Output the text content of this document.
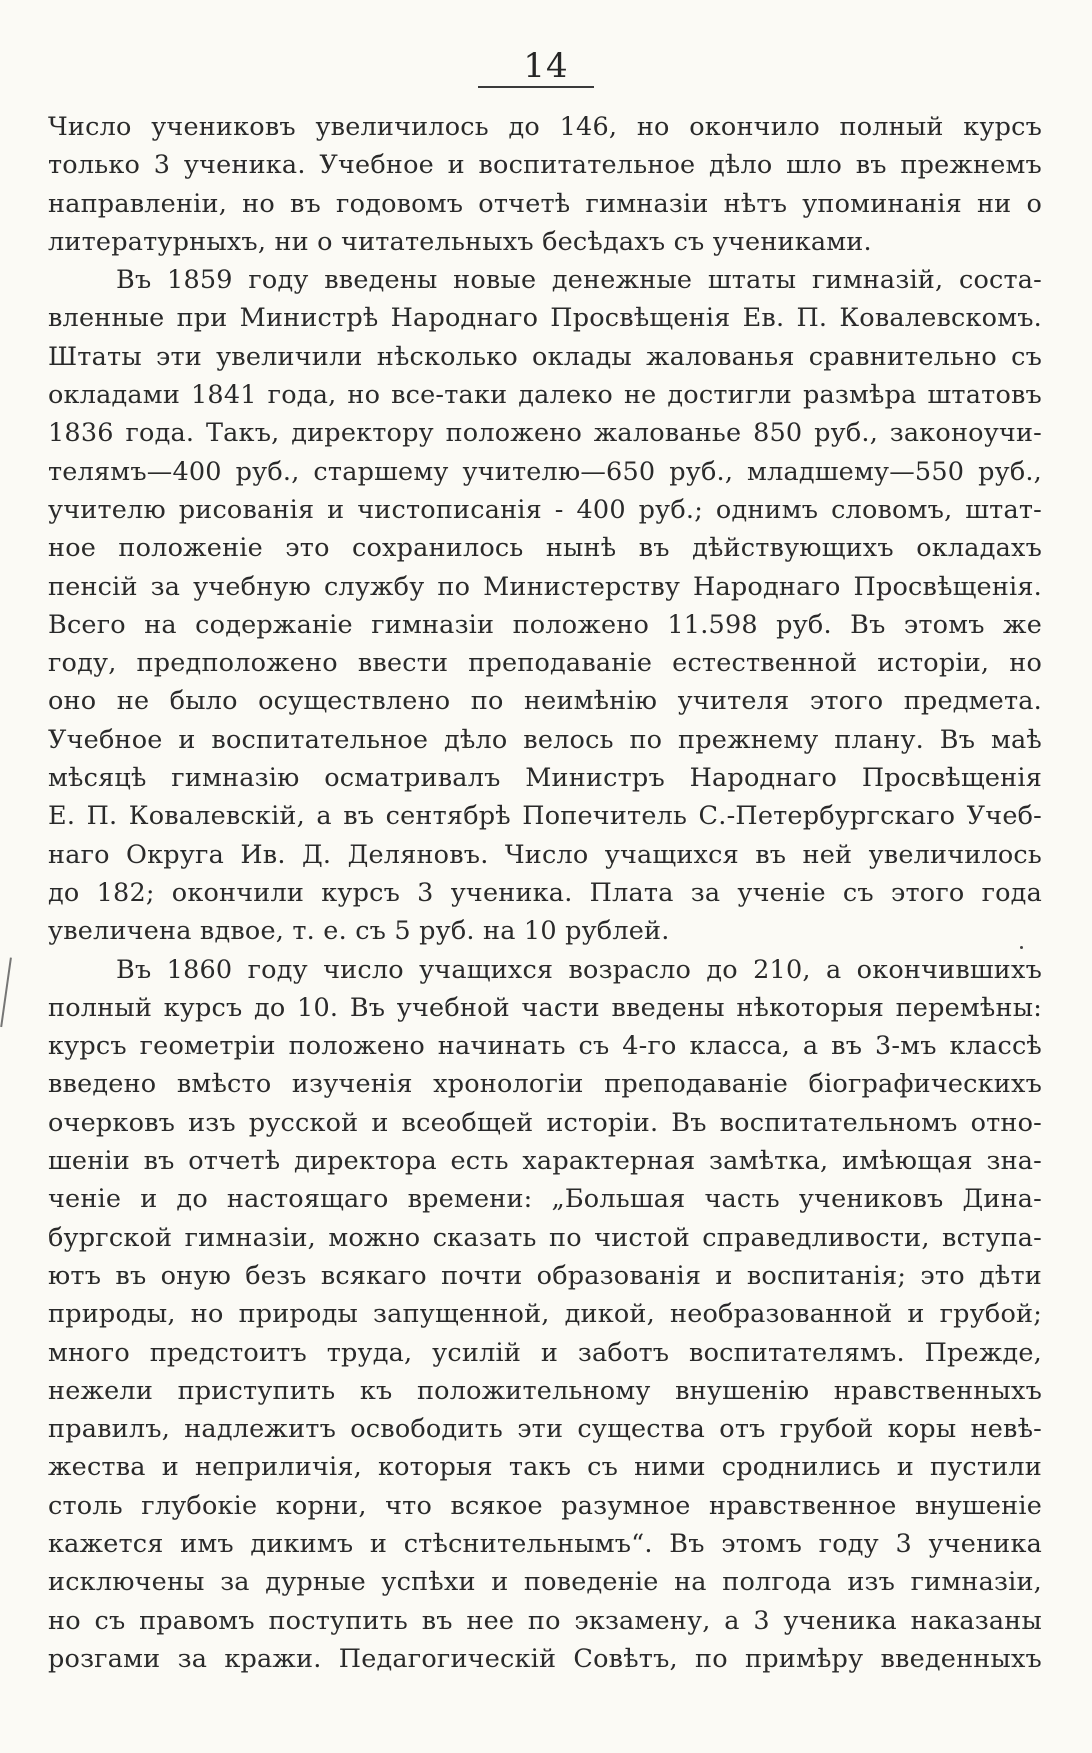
14
Число учениковъ увеличилось до 146, но окончило полный курсъ
только 3 ученика. Учебное и воспитательное дѣло шло въ прежнемъ
направленіи, но въ годовомъ отчетѣ гимназіи нѣтъ упоминанія ни о
литературныхъ, ни о читательныхъ бесѣдахъ съ учениками.
Въ 1859 году введены новые денежные штаты гимназій, соста-
вленные при Министрѣ Народнаго Просвѣщенія Ев. П. Ковалевскомъ.
Штаты эти увеличили нѣсколько оклады жалованья сравнительно съ
окладами 1841 года, но все-таки далеко не достигли размѣра штатовъ
1836 года. Такъ, директору положено жалованье 850 руб., законоучи-
телямъ—400 руб., старшему учителю—650 руб., младшему—550 руб.,
учителю рисованія и чистописанія - 400 руб.; однимъ словомъ, штат-
ное положеніе это сохранилось нынѣ въ дѣйствующихъ окладахъ
пенсій за учебную службу по Министерству Народнаго Просвѣщенія.
Всего на содержаніе гимназіи положено 11.598 руб. Въ этомъ же
году, предположено ввести преподаваніе естественной исторіи, но
оно не было осуществлено по неимѣнію учителя этого предмета.
Учебное и воспитательное дѣло велось по прежнему плану. Въ маѣ
мѣсяцѣ гимназію осматривалъ Министръ Народнаго Просвѣщенія
Е. П. Ковалевскій, а въ сентябрѣ Попечитель С.-Петербургскаго Учеб-
наго Округа Ив. Д. Деляновъ. Число учащихся въ ней увеличилось
до 182; окончили курсъ 3 ученика. Плата за ученіе съ этого года
увеличена вдвое, т. е. съ 5 руб. на 10 рублей.
Въ 1860 году число учащихся возрасло до 210, а окончившихъ
полный курсъ до 10. Въ учебной части введены нѣкоторыя перемѣны:
курсъ геометріи положено начинать съ 4-го класса, а въ 3-мъ классѣ
введено вмѣсто изученія хронологіи преподаваніе біографическихъ
очерковъ изъ русской и всеобщей исторіи. Въ воспитательномъ отно-
шеніи въ отчетѣ директора есть характерная замѣтка, имѣющая зна-
ченіе и до настоящаго времени: „Большая часть учениковъ Дина-
бургской гимназіи, можно сказать по чистой справедливости, вступа-
ютъ въ оную безъ всякаго почти образованія и воспитанія; это дѣти
природы, но природы запущенной, дикой, необразованной и грубой;
много предстоитъ труда, усилій и заботъ воспитателямъ. Прежде,
нежели приступить къ положительному внушенію нравственныхъ
правилъ, надлежитъ освободить эти существа отъ грубой коры невѣ-
жества и неприличія, которыя такъ съ ними сроднились и пустили
столь глубокіе корни, что всякое разумное нравственное внушеніе
кажется имъ дикимъ и стѣснительнымъ“. Въ этомъ году 3 ученика
исключены за дурные успѣхи и поведеніе на полгода изъ гимназіи,
но съ правомъ поступить въ нее по экзамену, а 3 ученика наказаны
розгами за кражи. Педагогическій Совѣтъ, по примѣру введенныхъ
